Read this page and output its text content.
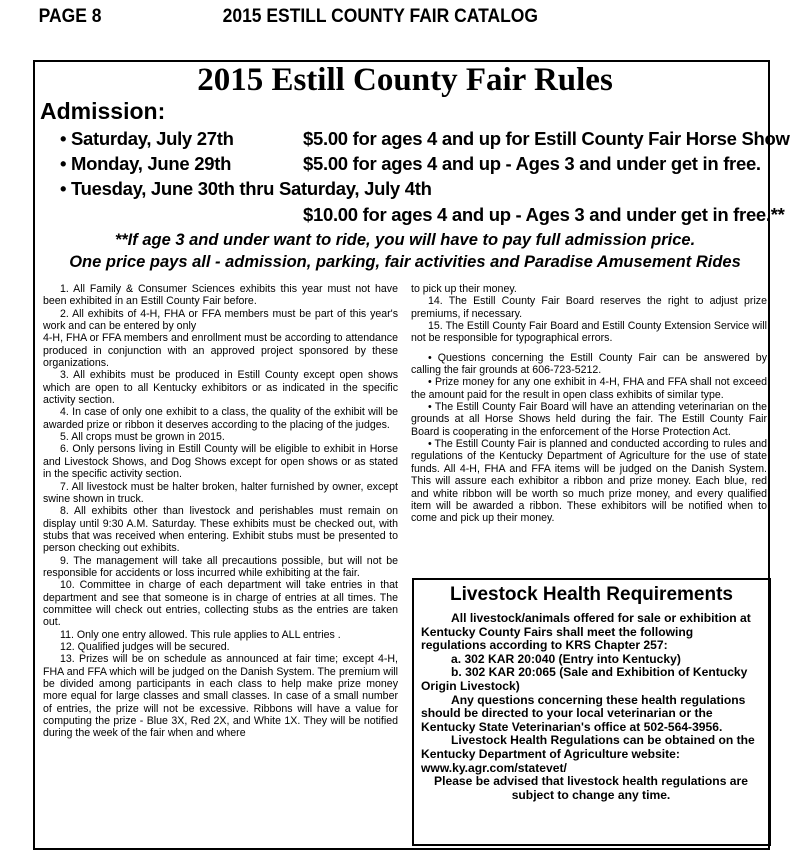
PAGE 8	2015 ESTILL COUNTY FAIR CATALOG
2015 Estill County Fair Rules
Admission:
• Saturday, July 27th	$5.00 for ages 4 and up for Estill County Fair Horse Show
• Monday, June 29th	$5.00 for ages 4 and up - Ages 3 and under get in free.
• Tuesday, June 30th thru Saturday, July 4th
$10.00 for ages 4 and up - Ages 3 and under get in free.**
**If age 3 and under want to ride, you will have to pay full admission price.
One price pays all - admission, parking, fair activities and Paradise Amusement Rides

1. All Family & Consumer Sciences exhibits this year must not have been exhibited in an Estill County Fair before.

2. All exhibits of 4-H, FHA or FFA members must be part of this year's work and can be entered by only

4-H, FHA or FFA members and enrollment must be according to attendance produced in conjunction with an approved project sponsored by these organizations.

3. All exhibits must be produced in Estill County except open shows which are open to all Kentucky exhibitors or as indicated in the specific activity section.

4. In case of only one exhibit to a class, the quality of the exhibit will be awarded prize or ribbon it deserves according to the placing of the judges.

5. All crops must be grown in 2015.

6. Only persons living in Estill County will be eligible to exhibit in Horse and Livestock Shows, and Dog Shows except for open shows or as stated in the specific activity section.

7. All livestock must be halter broken, halter furnished by owner, except swine shown in truck.

8. All exhibits other than livestock and perishables must remain on display until 9:30 A.M. Saturday. These exhibits must be checked out, with stubs that was received when entering. Exhibit stubs must be presented to person checking out exhibits.

9. The management will take all precautions possible, but will not be responsible for accidents or loss incurred while exhibiting at the fair.

10. Committee in charge of each department will take entries in that department and see that someone is in charge of entries at all times. The committee will check out entries, collecting stubs as the entries are taken out.

11. Only one entry allowed. This rule applies to ALL entries .

12. Qualified judges will be secured.

13. Prizes will be on schedule as announced at fair time; except 4-H, FHA and FFA which will be judged on the Danish System. The premium will be divided among participants in each class to help make prize money more equal for large classes and small classes. In case of a small number of entries, the prize will not be excessive. Ribbons will have a value for computing the prize - Blue 3X, Red 2X, and White 1X. They will be notified during the week of the fair when and where

to pick up their money.

14. The Estill County Fair Board reserves the right to adjust prize premiums, if necessary.

15. The Estill County Fair Board and Estill County Extension Service will not be responsible for typographical errors.

• Questions concerning the Estill County Fair can be answered by calling the fair grounds at 606-723-5212.

• Prize money for any one exhibit in 4-H, FHA and FFA shall not exceed the amount paid for the result in open class exhibits of similar type.

• The Estill County Fair Board will have an attending veterinarian on the grounds at all Horse Shows held during the fair. The Estill County Fair Board is cooperating in the enforcement of the Horse Protection Act.

• The Estill County Fair is planned and conducted according to rules and regulations of the Kentucky Department of Agriculture for the use of state funds. All 4-H, FHA and FFA items will be judged on the Danish System. This will assure each exhibitor a ribbon and prize money. Each blue, red and white ribbon will be worth so much prize money, and every qualified item will be awarded a ribbon. These exhibitors will be notified when to come and pick up their money.

Livestock Health Requirements

All livestock/animals offered for sale or exhibition at Kentucky County Fairs shall meet the following regulations according to KRS Chapter 257:

a. 302 KAR 20:040 (Entry into Kentucky)

b. 302 KAR 20:065 (Sale and Exhibition of Kentucky Origin Livestock)

Any questions concerning these health regulations should be directed to your local veterinarian or the Kentucky State Veterinarian's office at 502-564-3956.

Livestock Health Regulations can be obtained on the Kentucky Department of Agriculture website: www.ky.agr.com/statevet/

Please be advised that livestock health regulations are subject to change any time.
